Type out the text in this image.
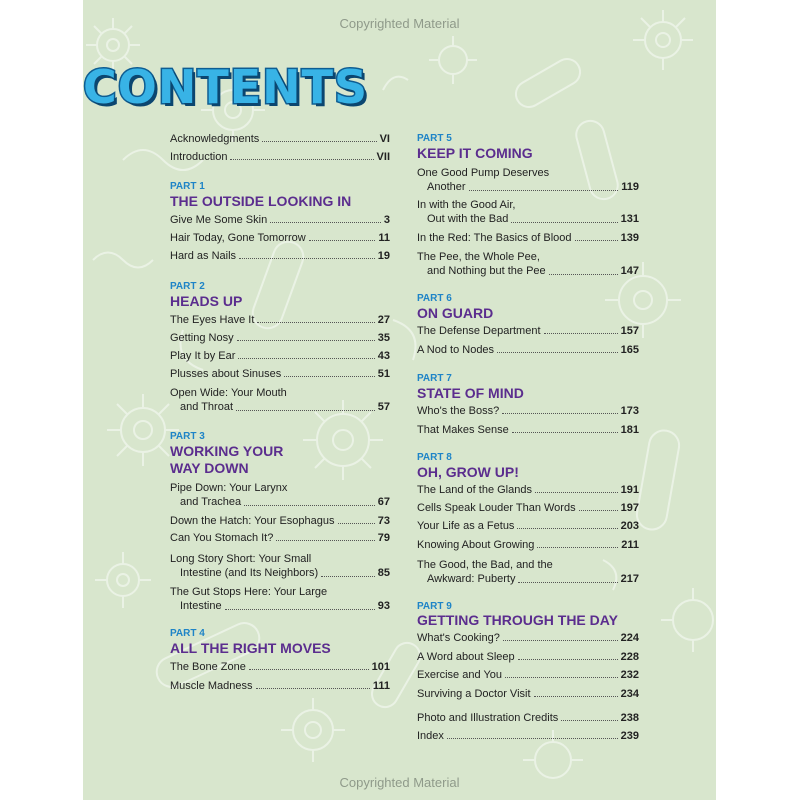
Copyrighted Material
Copyrighted Material
CONTENTS
Acknowledgments	VI
Introduction	VII
PART 1
THE OUTSIDE LOOKING IN
Give Me Some Skin	3
Hair Today, Gone Tomorrow	11
Hard as Nails	19
PART 2
HEADS UP
The Eyes Have It	27
Getting Nosy	35
Play It by Ear	43
Plusses about Sinuses	51
Open Wide: Your Mouth
and Throat	57
PART 3
WORKING YOUR
WAY DOWN
Pipe Down: Your Larynx
and Trachea	67
Down the Hatch: Your Esophagus	73
Can You Stomach It?	79
Long Story Short: Your Small
Intestine (and Its Neighbors)	85
The Gut Stops Here: Your Large
Intestine	93
PART 4
ALL THE RIGHT MOVES
The Bone Zone	101
Muscle Madness	111
PART 5
KEEP IT COMING
One Good Pump Deserves
Another	119
In with the Good Air,
Out with the Bad	131
In the Red: The Basics of Blood	139
The Pee, the Whole Pee,
and Nothing but the Pee	147
PART 6
ON GUARD
The Defense Department	157
A Nod to Nodes	165
PART 7
STATE OF MIND
Who's the Boss?	173
That Makes Sense	181
PART 8
OH, GROW UP!
The Land of the Glands	191
Cells Speak Louder Than Words	197
Your Life as a Fetus	203
Knowing About Growing	211
The Good, the Bad, and the
Awkward: Puberty	217
PART 9
GETTING THROUGH THE DAY
What's Cooking?	224
A Word about Sleep	228
Exercise and You	232
Surviving a Doctor Visit	234
Photo and Illustration Credits	238
Index	239
